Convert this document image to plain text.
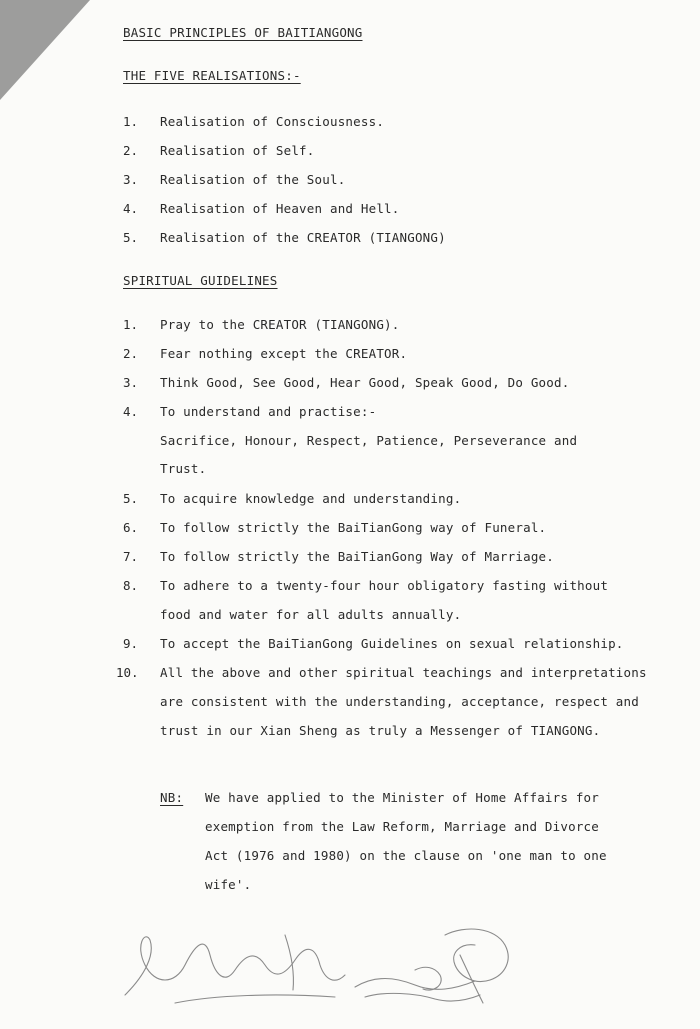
BASIC PRINCIPLES OF BAITIANGONG
THE FIVE REALISATIONS:-
1. Realisation of Consciousness.
2. Realisation of Self.
3. Realisation of the Soul.
4. Realisation of Heaven and Hell.
5. Realisation of the CREATOR (TIANGONG)
SPIRITUAL GUIDELINES
1. Pray to the CREATOR (TIANGONG).
2. Fear nothing except the CREATOR.
3. Think Good, See Good, Hear Good, Speak Good, Do Good.
4. To understand and practise:-
Sacrifice, Honour, Respect, Patience, Perseverance and
Trust.
5. To acquire knowledge and understanding.
6. To follow strictly the BaiTianGong way of Funeral.
7. To follow strictly the BaiTianGong Way of Marriage.
8. To adhere to a twenty-four hour obligatory fasting without
food and water for all adults annually.
9. To accept the BaiTianGong Guidelines on sexual relationship.
10. All the above and other spiritual teachings and interpretations
are consistent with the understanding, acceptance, respect and
trust in our Xian Sheng as truly a Messenger of TIANGONG.
NB: We have applied to the Minister of Home Affairs for
exemption from the Law Reform, Marriage and Divorce
Act (1976 and 1980) on the clause on 'one man to one
wife'.
